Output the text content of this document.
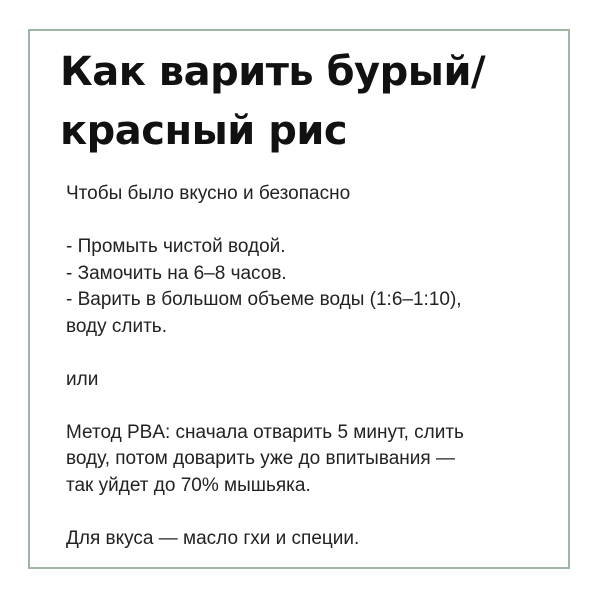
Как варить бурый/
красный рис
Чтобы было вкусно и безопасно
- Промыть чистой водой.
- Замочить на 6–8 часов.
- Варить в большом объеме воды (1:6–1:10),
воду слить.
или
Метод PBA: сначала отварить 5 минут, слить
воду, потом доварить уже до впитывания —
так уйдет до 70% мышьяка.
Для вкуса — масло гхи и специи.
